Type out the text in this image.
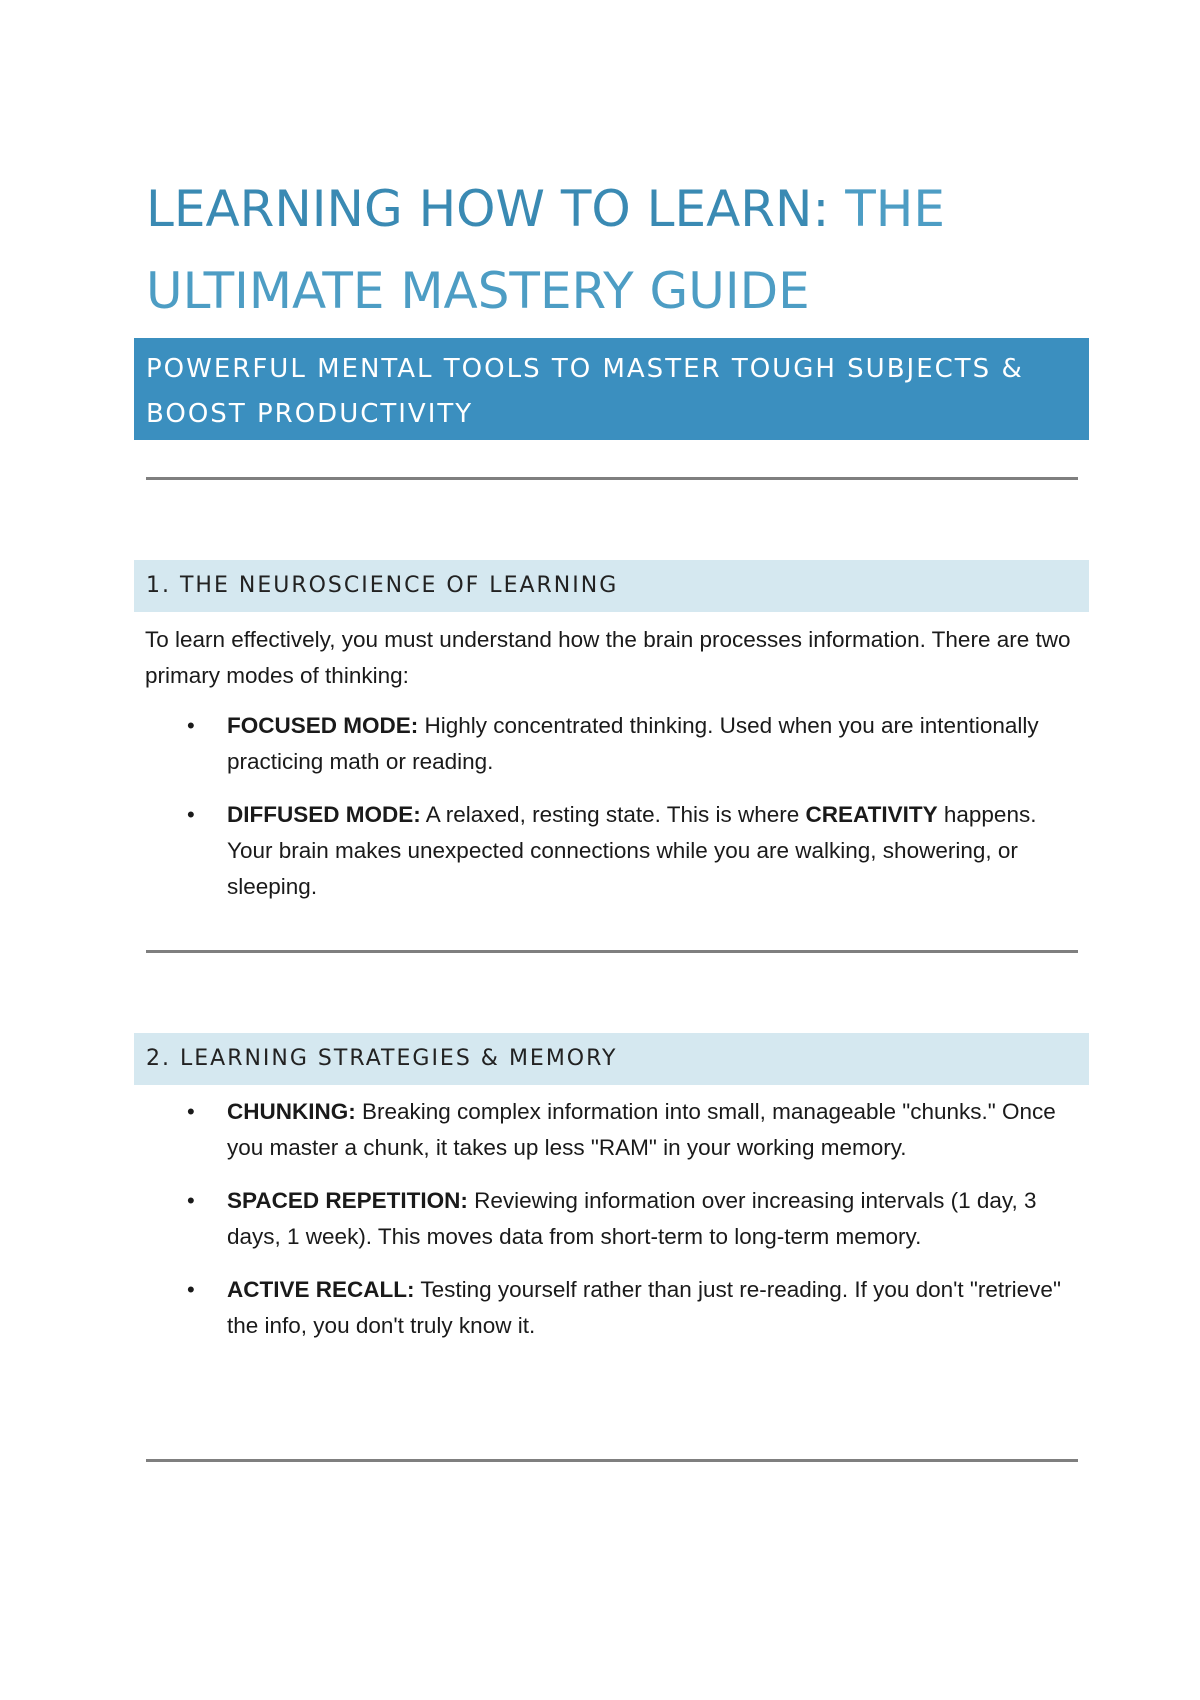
LEARNING HOW TO LEARN: THE ULTIMATE MASTERY GUIDE
POWERFUL MENTAL TOOLS TO MASTER TOUGH SUBJECTS &
BOOST PRODUCTIVITY
1. THE NEUROSCIENCE OF LEARNING

To learn effectively, you must understand how the brain processes information. There are two primary modes of thinking:

• FOCUSED MODE: Highly concentrated thinking. Used when you are intentionally practicing math or reading.
• DIFFUSED MODE: A relaxed, resting state. This is where CREATIVITY happens. Your brain makes unexpected connections while you are walking, showering, or sleeping.
2. LEARNING STRATEGIES & MEMORY
• CHUNKING: Breaking complex information into small, manageable "chunks." Once you master a chunk, it takes up less "RAM" in your working memory.
• SPACED REPETITION: Reviewing information over increasing intervals (1 day, 3 days, 1 week). This moves data from short-term to long-term memory.
• ACTIVE RECALL: Testing yourself rather than just re-reading. If you don't "retrieve" the info, you don't truly know it.
